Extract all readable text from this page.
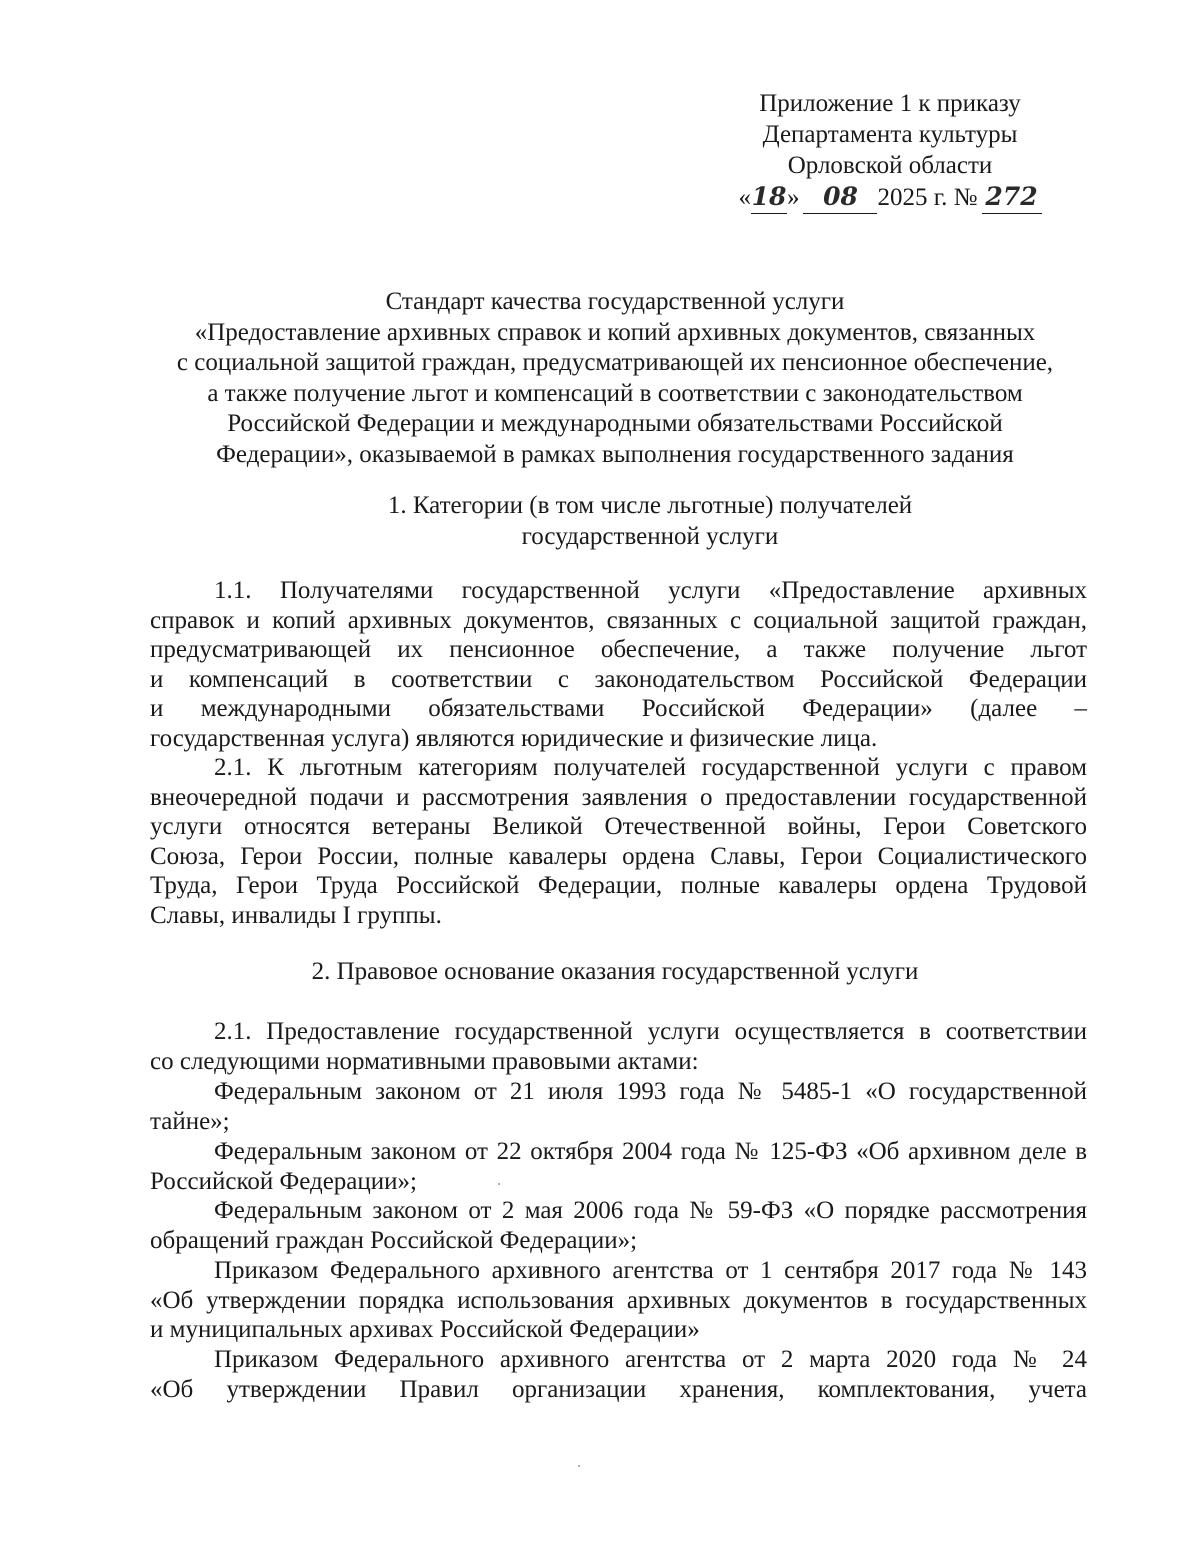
Приложение 1 к приказу
Департамента культуры
Орловской области
«18» 08 2025 г. № 272
Стандарт качества государственной услуги
«Предоставление архивных справок и копий архивных документов, связанных
с социальной защитой граждан, предусматривающей их пенсионное обеспечение,
а также получение льгот и компенсаций в соответствии с законодательством
Российской Федерации и международными обязательствами Российской
Федерации», оказываемой в рамках выполнения государственного задания
1. Категории (в том числе льготные) получателей
государственной услуги
1.1. Получателями государственной услуги «Предоставление архивных
справок и копий архивных документов, связанных с социальной защитой граждан,
предусматривающей их пенсионное обеспечение, а также получение льгот
и компенсаций в соответствии с законодательством Российской Федерации
и международными обязательствами Российской Федерации» (далее –
государственная услуга) являются юридические и физические лица.
2.1. К льготным категориям получателей государственной услуги с правом
внеочередной подачи и рассмотрения заявления о предоставлении государственной
услуги относятся ветераны Великой Отечественной войны, Герои Советского
Союза, Герои России, полные кавалеры ордена Славы, Герои Социалистического
Труда, Герои Труда Российской Федерации, полные кавалеры ордена Трудовой
Славы, инвалиды I группы.
2. Правовое основание оказания государственной услуги
2.1. Предоставление государственной услуги осуществляется в соответствии
со следующими нормативными правовыми актами:
Федеральным законом от 21 июля 1993 года № 5485-1 «О государственной
тайне»;
Федеральным законом от 22 октября 2004 года № 125-ФЗ «Об архивном деле в
Российской Федерации»;
Федеральным законом от 2 мая 2006 года № 59-ФЗ «О порядке рассмотрения
обращений граждан Российской Федерации»;
Приказом Федерального архивного агентства от 1 сентября 2017 года № 143
«Об утверждении порядка использования архивных документов в государственных
и муниципальных архивах Российской Федерации»
Приказом Федерального архивного агентства от 2 марта 2020 года № 24
«Об утверждении Правил организации хранения, комплектования, учета
